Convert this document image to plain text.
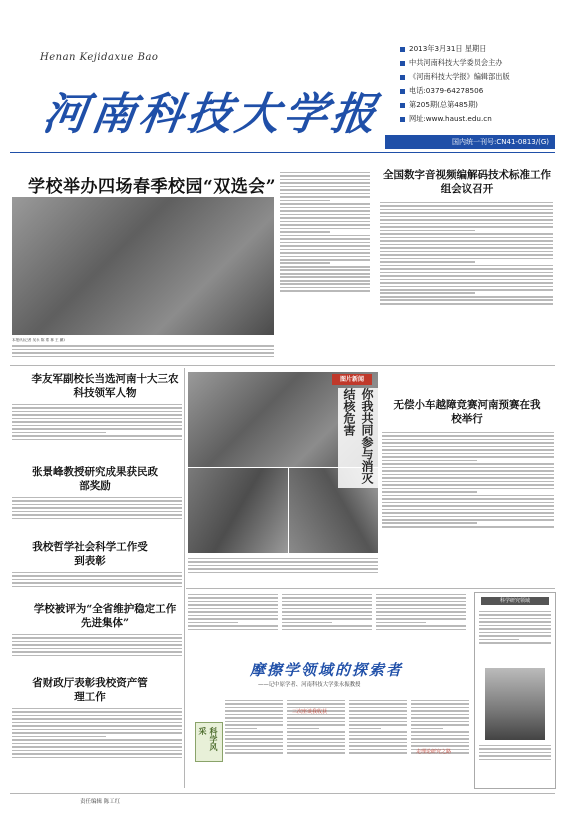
Henan Kejidaxue Bao
河南科技大学报
2013年3月31日 星期日
中共河南科技大学委员会主办
《河南科技大学报》编辑部出版
电话:0379-64278506
第205期(总第485期)
网址:www.haust.edu.cn
国内统一刊号:CN41-0813/(G)
学校举办四场春季校园“双选会”
本报讯(记者 吴永 陈 郑 林 王 鹏)
全国数字音视频编解码技术标准工作组会议召开
李友军副校长当选河南十大三农科技领军人物
张景峰教授研究成果获民政部奖励
我校哲学社会科学工作受到表彰
学校被评为“全省维护稳定工作先进集体”
省财政厅表彰我校资产管理工作
图片新闻
你我共同参与消灭结核危害	无偿小车越障竞赛河南预赛在我校举行
科学研究领域
摩擦学领域的探索者
——记中原学者、河南科技大学张永振教授
科学风采
三次座谈我收获
走理论研究之路
责任编辑 陈工红
